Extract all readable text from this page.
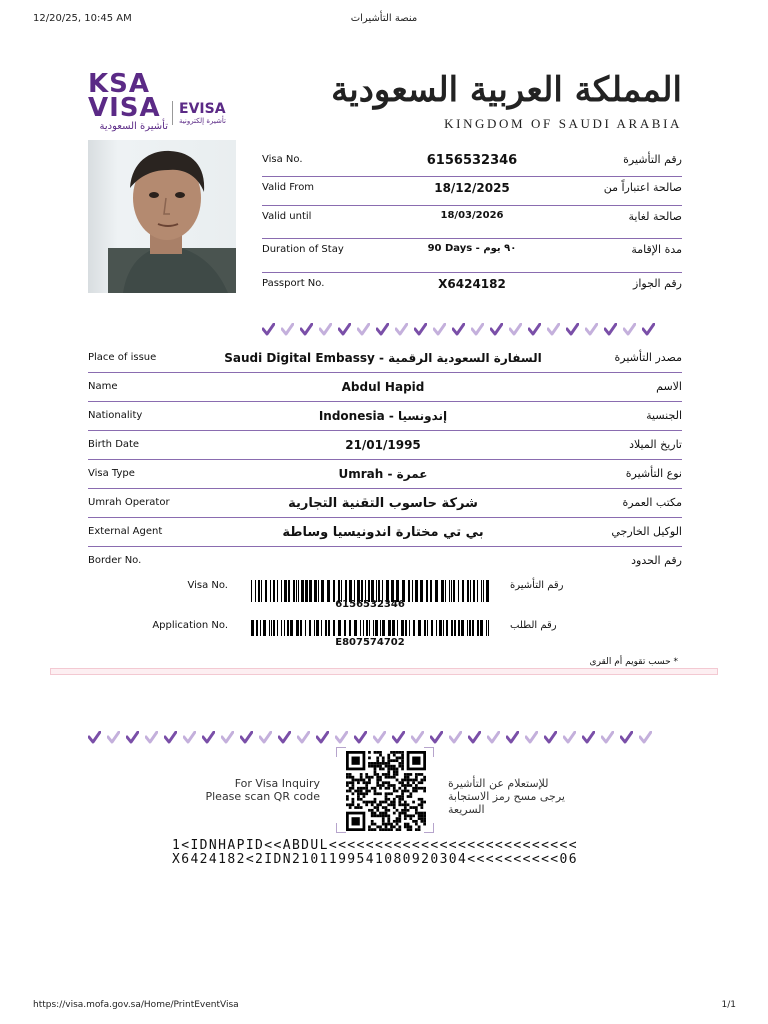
12/20/25, 10:45 AM	منصة التأشيرات
KSA
VISA
تأشيرة السعودية
EVISA
تأشيرة إلكترونية
المملكة العربية السعودية
KINGDOM OF SAUDI ARABIA
Visa No.	6156532346	رقم التأشيرة
Valid From	18/12/2025	صالحة اعتباراً من
Valid until	18/03/2026	صالحة لغاية
Duration of Stay	90 Days - ٩٠ يوم	مدة الإقامة
Passport No.	X6424182	رقم الجواز
Place of issue	Saudi Digital Embassy - السفارة السعودية الرقمية	مصدر التأشيرة
Name	Abdul Hapid	الاسم
Nationality	Indonesia - إندونسيا	الجنسية
Birth Date	21/01/1995	تاريخ الميلاد
Visa Type	Umrah - عمرة	نوع التأشيرة
Umrah Operator	شركة حاسوب التقنية التجارية	مكتب العمرة
External Agent	بي تي مختارة اندونيسيا وساطة	الوكيل الخارجي
Border No.	رقم الحدود
Visa No.	رقم التأشيرة
6156532346
Application No.	رقم الطلب
E807574702
* حسب تقويم أم القرى
For Visa Inquiry
Please scan QR code
للإستعلام عن التأشيرة
يرجى مسح رمز الاستجابة السريعة
1<IDNHAPID<<ABDUL<<<<<<<<<<<<<<<<<<<<<<<<<<<
X6424182<2IDN2101199541080920304<<<<<<<<<<06
https://visa.mofa.gov.sa/Home/PrintEventVisa	1/1
